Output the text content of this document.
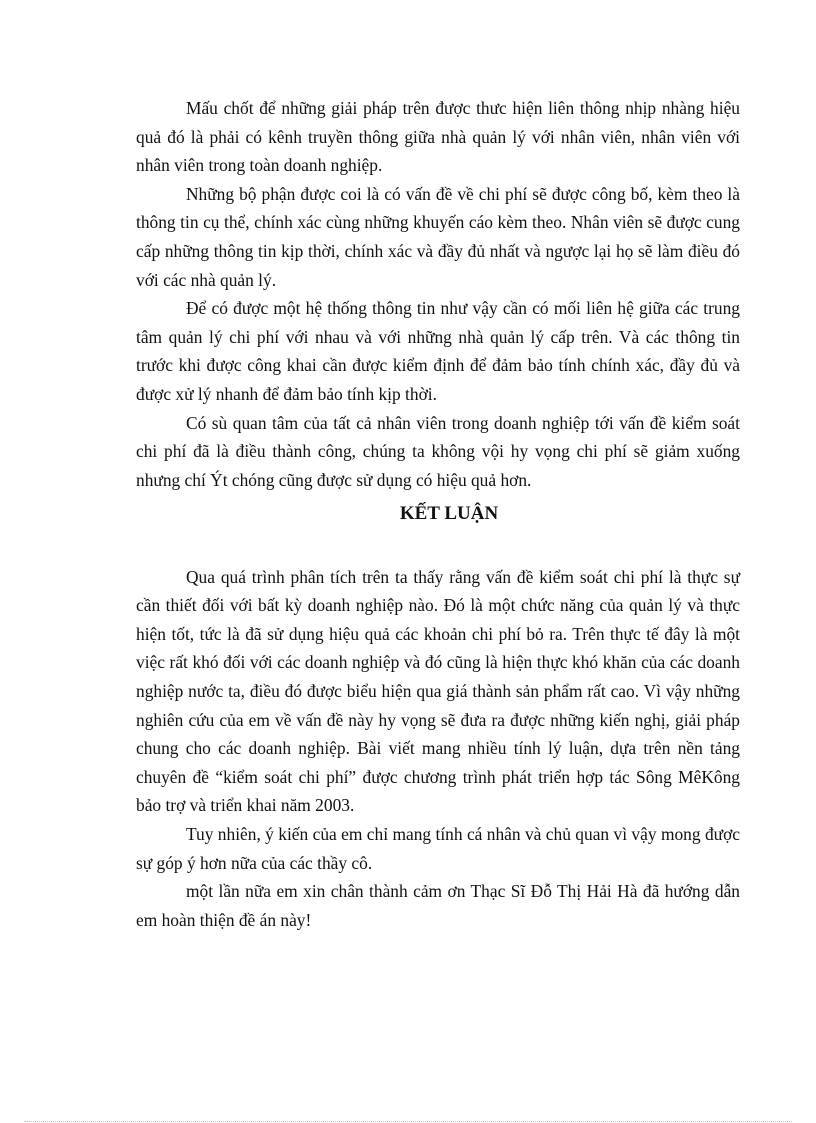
Mấu chốt để những giải pháp trên được thưc hiện liên thông nhịp nhàng hiệu quả đó là phải có kênh truyền thông giữa nhà quản lý với nhân viên, nhân viên với nhân viên trong toàn doanh nghiệp.

Những bộ phận được coi là có vấn đề về chi phí sẽ được công bố, kèm theo là thông tin cụ thể, chính xác cùng những khuyến cáo kèm theo. Nhân viên sẽ được cung cấp những thông tin kịp thời, chính xác và đầy đủ nhất và ngược lại họ sẽ làm điều đó với các nhà quản lý.

Để có được một hệ thống thông tin như vậy cần có mối liên hệ giữa các trung tâm quản lý chi phí với nhau và với những nhà quản lý cấp trên. Và các thông tin trước khi được công khai cần được kiểm định để đảm bảo tính chính xác, đầy đủ và được xử lý nhanh để đảm bảo tính kịp thời.

Có sù quan tâm của tất cả nhân viên trong doanh nghiệp tới vấn đề kiểm soát chi phí đã là điều thành công, chúng ta không vội hy vọng chi phí sẽ giảm xuống nhưng chí Ýt chóng cũng được sử dụng có hiệu quả hơn.

KẾT LUẬN

Qua quá trình phân tích trên ta thấy rằng vấn đề kiểm soát chi phí là thực sự cần thiết đối với bất kỳ doanh nghiệp nào. Đó là một chức năng của quản lý và thực hiện tốt, tức là đã sử dụng hiệu quả các khoản chi phí bỏ ra. Trên thực tế đây là một việc rất khó đối với các doanh nghiệp và đó cũng là hiện thực khó khăn của các doanh nghiệp nước ta, điều đó được biểu hiện qua giá thành sản phẩm rất cao. Vì vậy những nghiên cứu của em về vấn đề này hy vọng sẽ đưa ra được những kiến nghị, giải pháp chung cho các doanh nghiệp. Bài viết mang nhiều tính lý luận, dựa trên nền tảng chuyên đề “kiểm soát chi phí” được chương trình phát triển hợp tác Sông MêKông bảo trợ và triển khai năm 2003.

Tuy nhiên, ý kiến của em chỉ mang tính cá nhân và chủ quan vì vậy mong được sự góp ý hơn nữa của các thầy cô.

một lần nữa em xin chân thành cảm ơn Thạc Sĩ Đỗ Thị Hải Hà đã hướng dẫn em hoàn thiện đề án này!
